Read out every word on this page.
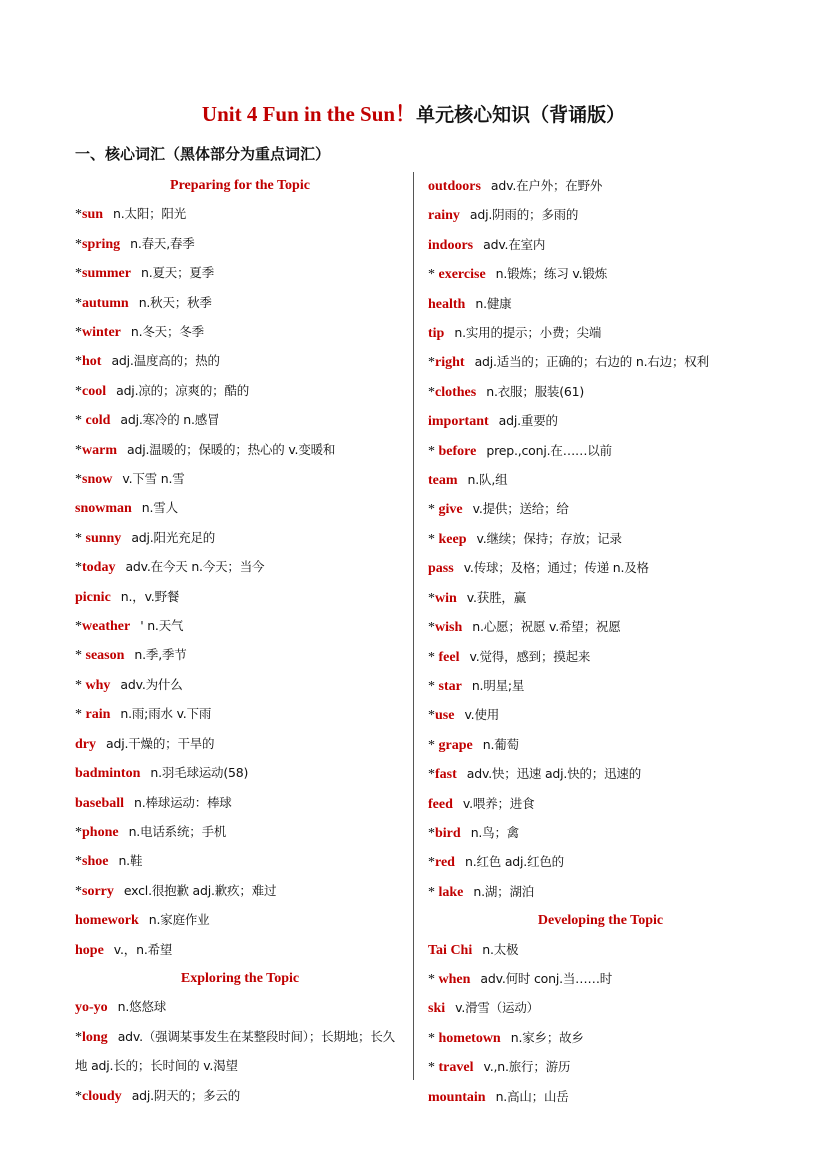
Unit 4 Fun in the Sun！单元核心知识（背诵版）
一、核心词汇（黑体部分为重点词汇）
Preparing for the Topic
*sun n.太阳；阳光
*spring n.春天,春季
*summer n.夏天；夏季
*autumn n.秋天；秋季
*winter n.冬天；冬季
*hot adj.温度高的；热的
*cool adj.凉的；凉爽的；酷的
* cold adj.寒冷的 n.感冒
*warm adj.温暖的；保暖的；热心的 v.变暖和
*snow v.下雪 n.雪
snowman n.雪人
* sunny adj.阳光充足的
*today adv.在今天 n.今天；当今
picnic n.，v.野餐
*weather ' n.天气
* season n.季,季节
* why adv.为什么
* rain n.雨;雨水 v.下雨
dry adj.干燥的；干旱的
badminton n.羽毛球运动(58)
baseball n.棒球运动：棒球
*phone n.电话系统；手机
*shoe n.鞋
*sorry excl.很抱歉 adj.歉疚；难过
homework n.家庭作业
hope v.，n.希望
Exploring the Topic
yo-yo n.悠悠球
*long adv.（强调某事发生在某整段时间）；长期地；长久地 adj.长的；长时间的 v.渴望
*cloudy adj.阴天的；多云的
outdoors adv.在户外；在野外
rainy adj.阴雨的；多雨的
indoors adv.在室内
* exercise n.锻炼；练习 v.锻炼
health n.健康
tip n.实用的提示；小费；尖端
*right adj.适当的；正确的；右边的 n.右边；权利
*clothes n.衣服；服装(61)
important adj.重要的
* before prep.,conj.在……以前
team n.队,组
* give v.提供；送给；给
* keep v.继续；保持；存放；记录
pass v.传球；及格；通过；传递 n.及格
*win v.获胜，赢
*wish n.心愿；祝愿 v.希望；祝愿
* feel v.觉得，感到；摸起来
* star n.明星;星
*use v.使用
* grape n.葡萄
*fast adv.快；迅速 adj.快的；迅速的
feed v.喂养；进食
*bird n.鸟；禽
*red n.红色 adj.红色的
* lake n.湖；湖泊
Developing the Topic
Tai Chi n.太极
* when adv.何时 conj.当……时
ski v.滑雪（运动）
* hometown n.家乡；故乡
* travel v.,n.旅行；游历
mountain n.高山；山岳
